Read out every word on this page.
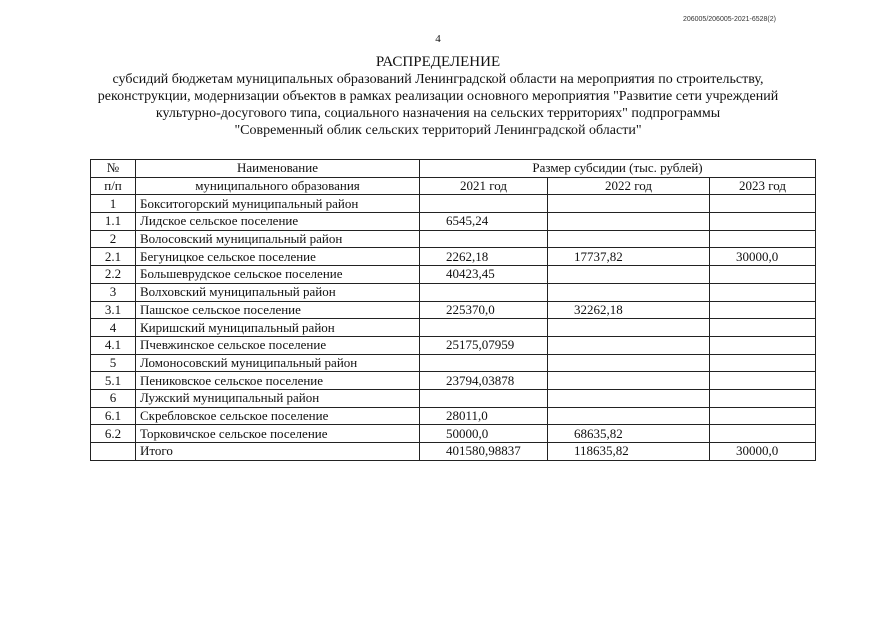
206005/206005-2021-6528(2)
4
РАСПРЕДЕЛЕНИЕ
субсидий бюджетам муниципальных образований Ленинградской области на мероприятия по строительству,
реконструкции, модернизации объектов в рамках реализации основного мероприятия "Развитие сети учреждений
культурно-досугового типа, социального назначения на сельских территориях" подпрограммы
"Современный облик сельских территорий Ленинградской области"
№	Наименование	Размер субсидии (тыс. рублей)		
п/п	муниципального образования	2021 год	2022 год	2023 год
1	Бокситогорский муниципальный район			
1.1	Лидское сельское поселение	6545,24		
2	Волосовский муниципальный район			
2.1	Бегуницкое сельское поселение	2262,18	17737,82	30000,0
2.2	Большеврудское сельское поселение	40423,45		
3	Волховский муниципальный район			
3.1	Пашское сельское поселение	225370,0	32262,18	
4	Киришский муниципальный район			
4.1	Пчевжинское сельское поселение	25175,07959		
5	Ломоносовский муниципальный район			
5.1	Пениковское сельское поселение	23794,03878		
6	Лужский муниципальный район			
6.1	Скребловское сельское поселение	28011,0		
6.2	Торковичское сельское поселение	50000,0	68635,82	
	Итого	401580,98837	118635,82	30000,0
